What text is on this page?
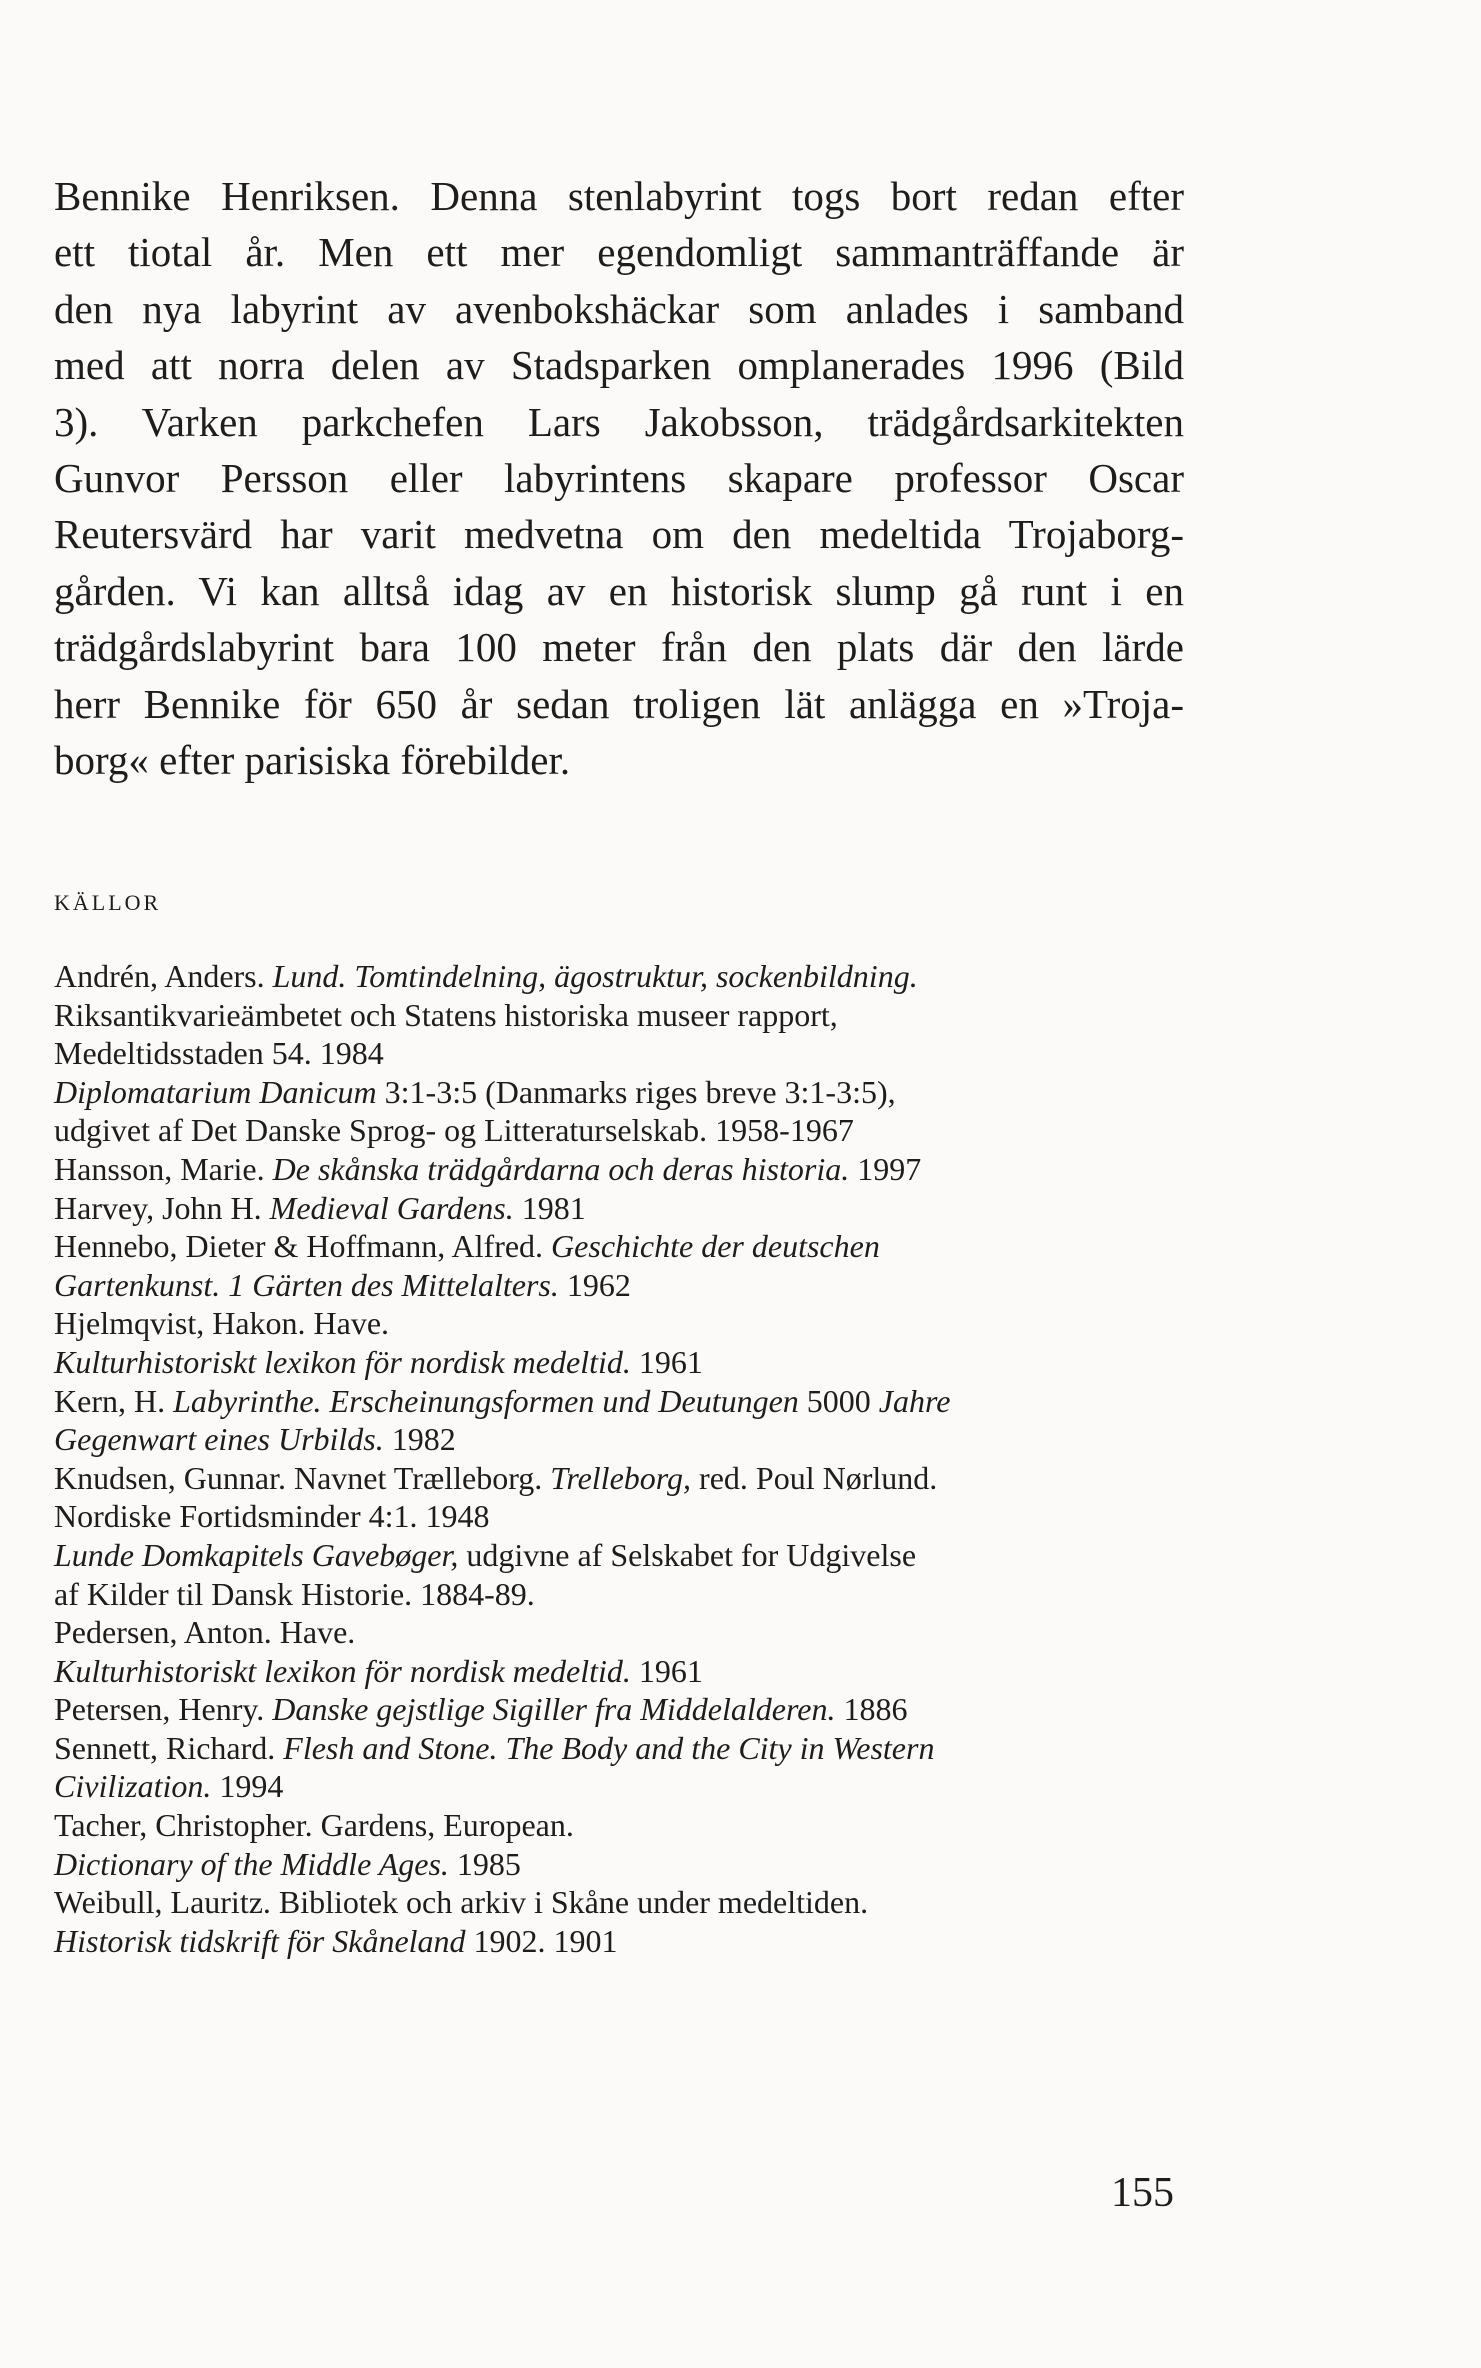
Bennike Henriksen. Denna stenlabyrint togs bort redan efter
ett tiotal år. Men ett mer egendomligt sammanträffande är
den nya labyrint av avenbokshäckar som anlades i samband
med att norra delen av Stadsparken omplanerades 1996 (Bild
3). Varken parkchefen Lars Jakobsson, trädgårdsarkitekten
Gunvor Persson eller labyrintens skapare professor Oscar
Reutersvärd har varit medvetna om den medeltida Trojaborg-
gården. Vi kan alltså idag av en historisk slump gå runt i en
trädgårdslabyrint bara 100 meter från den plats där den lärde
herr Bennike för 650 år sedan troligen lät anlägga en »Troja-
borg« efter parisiska förebilder.
KÄLLOR
Andrén, Anders. Lund. Tomtindelning, ägostruktur, sockenbildning.
Riksantikvarieämbetet och Statens historiska museer rapport,
Medeltidsstaden 54. 1984
Diplomatarium Danicum 3:1-3:5 (Danmarks riges breve 3:1-3:5),
udgivet af Det Danske Sprog- og Litteraturselskab. 1958-1967
Hansson, Marie. De skånska trädgårdarna och deras historia. 1997
Harvey, John H. Medieval Gardens. 1981
Hennebo, Dieter & Hoffmann, Alfred. Geschichte der deutschen
Gartenkunst. 1 Gärten des Mittelalters. 1962
Hjelmqvist, Hakon. Have.
Kulturhistoriskt lexikon för nordisk medeltid. 1961
Kern, H. Labyrinthe. Erscheinungsformen und Deutungen 5000 Jahre
Gegenwart eines Urbilds. 1982
Knudsen, Gunnar. Navnet Trælleborg. Trelleborg, red. Poul Nørlund.
Nordiske Fortidsminder 4:1. 1948
Lunde Domkapitels Gavebøger, udgivne af Selskabet for Udgivelse
af Kilder til Dansk Historie. 1884-89.
Pedersen, Anton. Have.
Kulturhistoriskt lexikon för nordisk medeltid. 1961
Petersen, Henry. Danske gejstlige Sigiller fra Middelalderen. 1886
Sennett, Richard. Flesh and Stone. The Body and the City in Western
Civilization. 1994
Tacher, Christopher. Gardens, European.
Dictionary of the Middle Ages. 1985
Weibull, Lauritz. Bibliotek och arkiv i Skåne under medeltiden.
Historisk tidskrift för Skåneland 1902. 1901
155
